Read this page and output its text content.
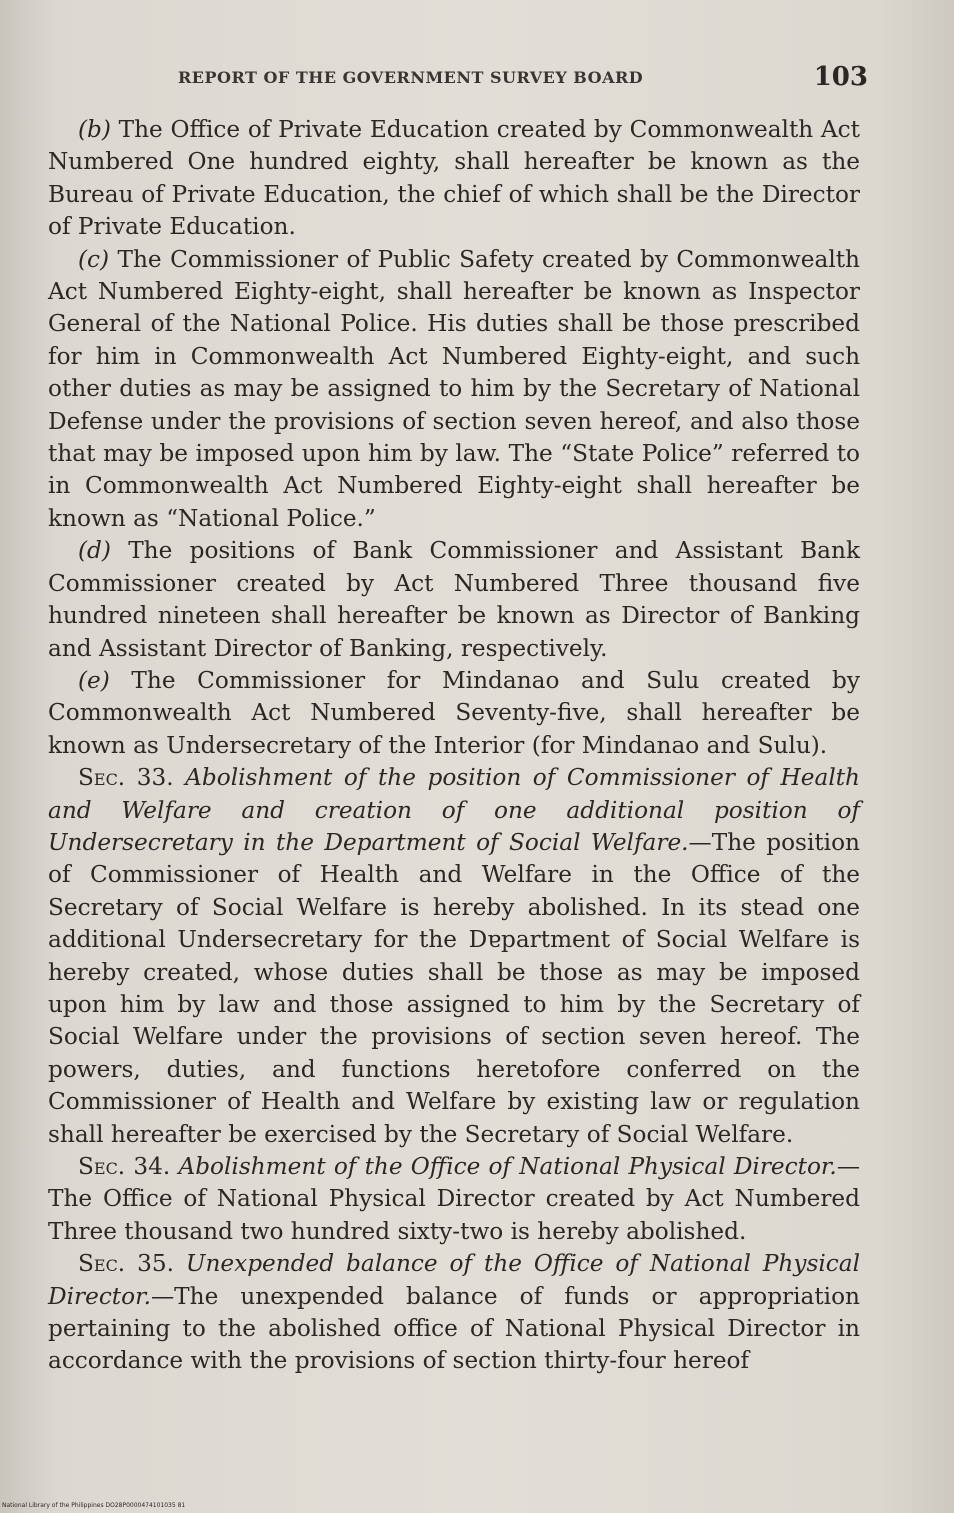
REPORT OF THE GOVERNMENT SURVEY BOARD	103

(b) The Office of Private Education created by Commonwealth Act Numbered One hundred eighty, shall hereafter be known as the Bureau of Private Education, the chief of which shall be the Director of Private Education.

(c) The Commissioner of Public Safety created by Commonwealth Act Numbered Eighty-eight, shall hereafter be known as Inspector General of the National Police. His duties shall be those prescribed for him in Commonwealth Act Numbered Eighty-eight, and such other duties as may be assigned to him by the Secretary of National Defense under the provisions of section seven hereof, and also those that may be imposed upon him by law. The “State Police” referred to in Commonwealth Act Numbered Eighty-eight shall hereafter be known as “National Police.”

(d) The positions of Bank Commissioner and Assistant Bank Commissioner created by Act Numbered Three thousand five hundred nineteen shall hereafter be known as Director of Banking and Assistant Director of Banking, respectively.

(e) The Commissioner for Mindanao and Sulu created by Commonwealth Act Numbered Seventy-five, shall hereafter be known as Undersecretary of the Interior (for Mindanao and Sulu).

Sec. 33. Abolishment of the position of Commissioner of Health and Welfare and creation of one additional position of Undersecretary in the Department of Social Welfare.—The position of Commissioner of Health and Welfare in the Office of the Secretary of Social Welfare is hereby abolished. In its stead one additional Undersecretary for the Dɐpartment of Social Welfare is hereby created, whose duties shall be those as may be imposed upon him by law and those assigned to him by the Secretary of Social Welfare under the provisions of section seven hereof. The powers, duties, and functions heretofore conferred on the Commissioner of Health and Welfare by existing law or regulation shall hereafter be exercised by the Secretary of Social Welfare.

Sec. 34. Abolishment of the Office of National Physical Director.—The Office of National Physical Director created by Act Numbered Three thousand two hundred sixty-two is hereby abolished.

Sec. 35. Unexpended balance of the Office of National Physical Director.—The unexpended balance of funds or appropriation pertaining to the abolished office of National Physical Director in accordance with the provisions of section thirty-four hereof

National Library of the Philippines DO28P0000474101035 81
